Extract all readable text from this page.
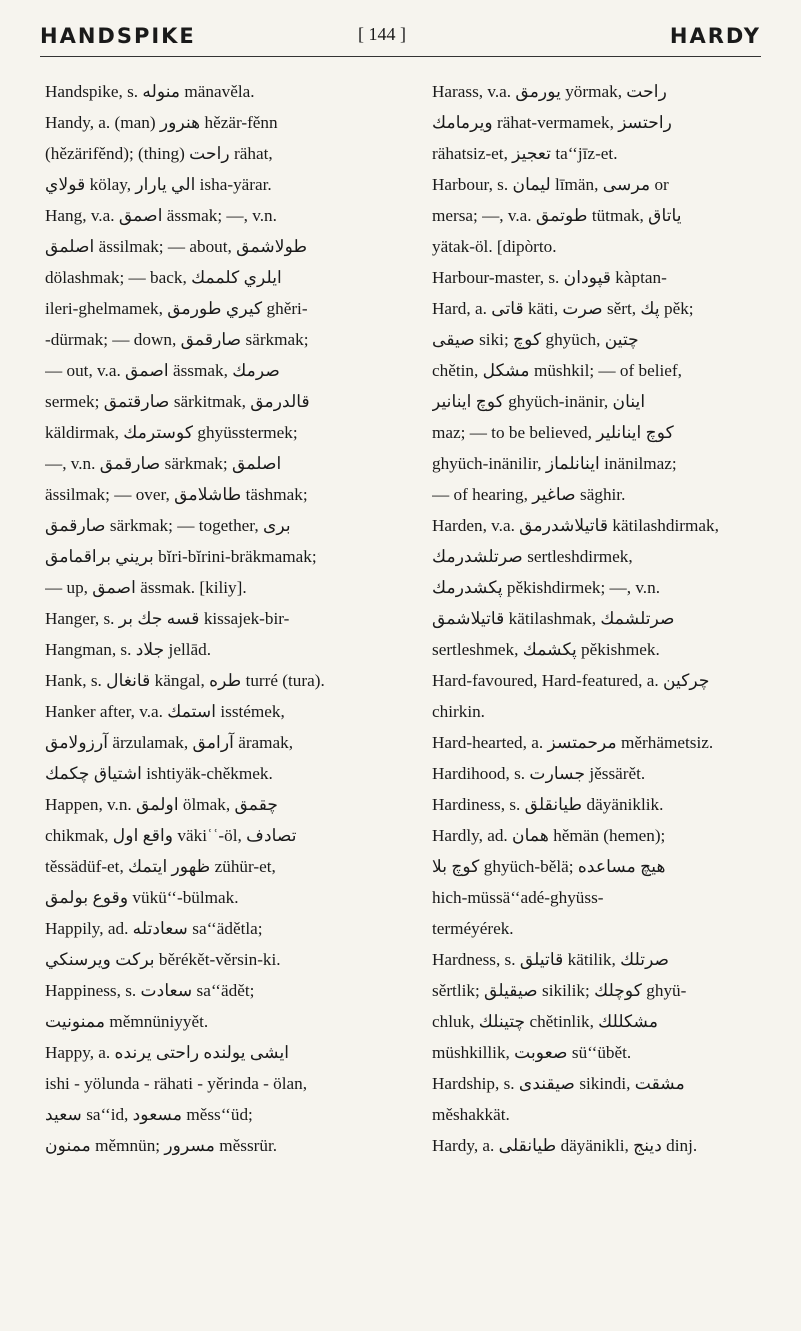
HANDSPIKE	[ 144 ]	HARDY
Handspike, s. منوله mänavěla.
Handy, a. (man) هنرور hězär-fěnn
(hězärifěnd); (thing) راحت rähat,
قولاي kölay, الي يارار ishа-yärar.
Hang, v.a. اصمق ässmak; —, v.n.
اصلمق ässilmak; — about, طولاشمق
dölashmak; — back, ايلري كلممك
ileri-ghelmamek, كيري طورمق ghěri-
-dürmak; — down, صارقمق särkmak;
— out, v.a. اصمق ässmak, صرمك
sermek; صارقتمق särkitmak, قالدرمق
käldirmak, كوسترمك ghyüsstermek;
—, v.n. صارقمق särkmak; اصلمق
ässilmak; — over, طاشلامق täshmak;
صارقمق särkmak; — together, برى
بريني براقمامق bĭri-bĭrini-bräkmamak;
— up, اصمق ässmak. [kiliy].
Hanger, s. قسه جك بر kissajek-bir-
Hangman, s. جلاد jellād.
Hank, s. قانغال kängal, طره turré (tura).
Hanker after, v.a. استمك isstémek,
آرزولامق ärzulamak, آرامق äramak,
اشتياق چكمك ishtiyäk-chěkmek.
Happen, v.n. اولمق ölmak, چقمق
chikmak, واقع اول väkiʿʿ-öl, تصادف
těssädüf-et, ظهور ايتمك zühür-et,
وقوع بولمق vükü‘‘-bülmak.
Happily, ad. سعادتله sa‘‘ädětla;
بركت ويرسنكي běrékět-věrsin-ki.
Happiness, s. سعادت sa‘‘ädět;
ممنونيت měmnüniyyět.
Happy, a. ايشى يولنده راحتى يرنده
ishi - yölunda - rähati - yěrinda - ölan,
سعيد sa‘‘id, مسعود měss‘‘üd;
ممنون měmnün; مسرور měssrür.
Harass, v.a. يورمق yörmak, راحت
ويرمامك rähat-vermamek, راحتسز
rähatsiz-et, تعجيز ta‘‘jīz-et.
Harbour, s. ليمان līmän, مرسى or
mersa; —, v.a. طوتمق tütmak, ياتاق
yätak-öl. [dipòrto.
Harbour-master, s. قپودان kàptan-
Hard, a. قاتى käti, صرت sěrt, پك pěk;
صيقى siki; كوچ ghyüch, چتين
chětin, مشكل müshkil; — of belief,
كوچ اينانير ghyüch-inänir, اينان
maz; — to be believed, كوچ اينانلير
ghyüch-inänilir, اينانلماز inänilmaz;
— of hearing, صاغير säghir.
Harden, v.a. قاتيلاشدرمق kätilashdirmak,
صرتلشدرمك sertleshdirmek,
پكشدرمك pěkishdirmek; —, v.n.
قاتيلاشمق kätilashmak, صرتلشمك
sertleshmek, پكشمك pěkishmek.
Hard-favoured, Hard-featured, a. چركين
chirkin.
Hard-hearted, a. مرحمتسز měrhämetsiz.
Hardihood, s. جسارت jěssärět.
Hardiness, s. طيانقلق däyäniklik.
Hardly, ad. همان hěmän (hemen);
كوچ بلا ghyüch-bělä; هيچ مساعده
hich-müssä‘‘adé-ghyüss-
terméyérek.
Hardness, s. قاتيلق kätilik, صرتلك
sěrtlik; صيقيلق sikilik; كوچلك ghyü-
chluk, چتينلك chětinlik, مشكللك
müshkillik, صعوبت sü‘‘übět.
Hardship, s. صيقندى sikindi, مشقت
měshakkät.
Hardy, a. طيانقلى däyänikli, دينج dinj.
